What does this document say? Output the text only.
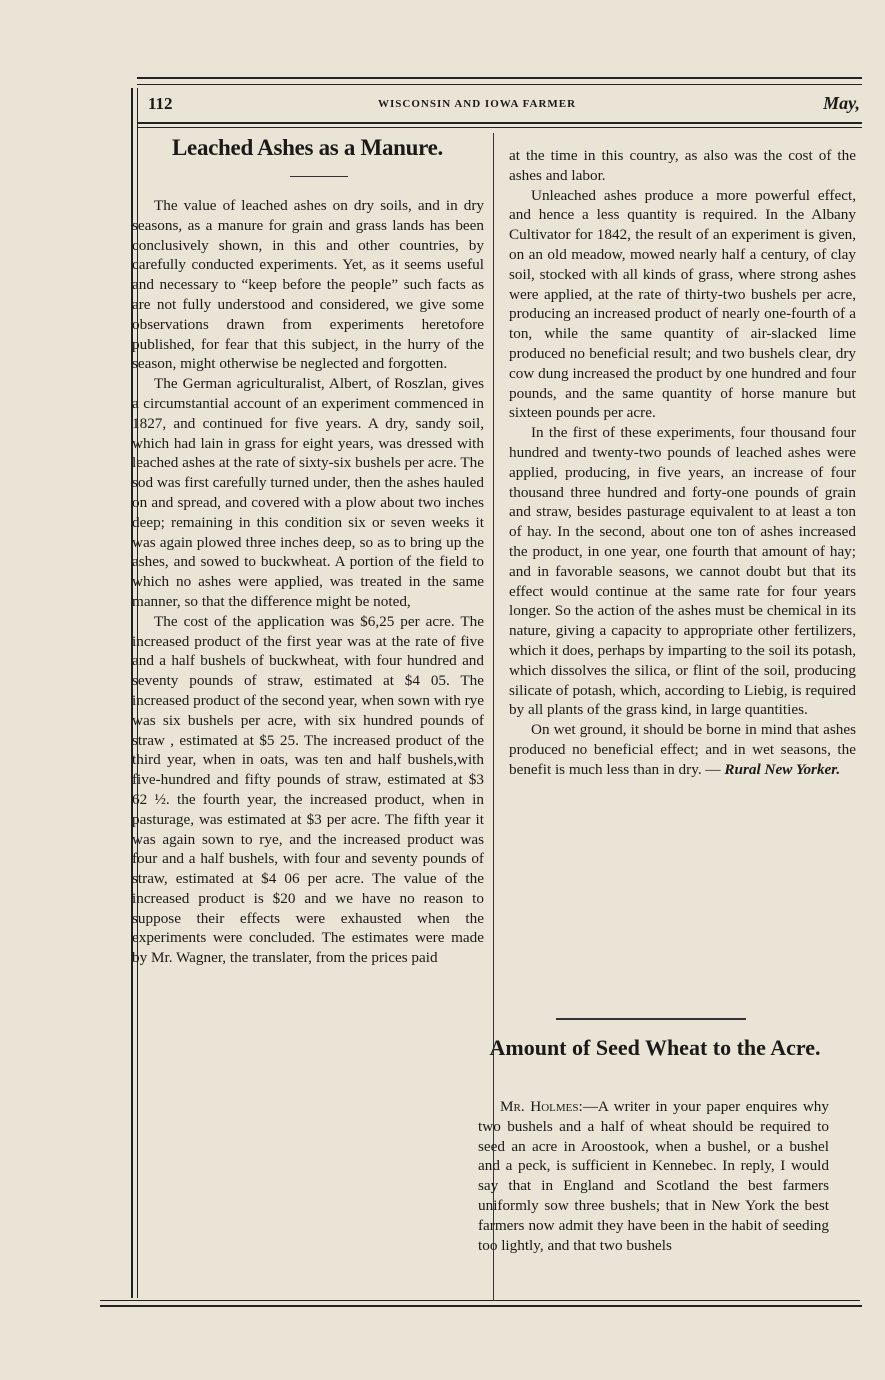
112	WISCONSIN AND IOWA FARMER	May,
Leached Ashes as a Manure.

The value of leached ashes on dry soils, and in dry seasons, as a manure for grain and grass lands has been conclusively shown, in this and other countries, by carefully conducted experiments. Yet, as it seems useful and necessary to “keep before the people” such facts as are not fully understood and considered, we give some observations drawn from experiments heretofore published, for fear that this subject, in the hurry of the season, might otherwise be neglected and forgotten.

The German agriculturalist, Albert, of Roszlan, gives a circumstantial account of an experiment commenced in 1827, and continued for five years. A dry, sandy soil, which had lain in grass for eight years, was dressed with leached ashes at the rate of sixty-six bushels per acre. The sod was first carefully turned under, then the ashes hauled on and spread, and covered with a plow about two inches deep; remaining in this condition six or seven weeks it was again plowed three inches deep, so as to bring up the ashes, and sowed to buckwheat. A portion of the field to which no ashes were applied, was treated in the same manner, so that the difference might be noted,

The cost of the application was $6,25 per acre. The increased product of the first year was at the rate of five and a half bushels of buckwheat, with four hundred and seventy pounds of straw, estimated at $4 05. The increased product of the second year, when sown with rye was six bushels per acre, with six hundred pounds of straw , estimated at $5 25. The increased product of the third year, when in oats, was ten and half bushels,with five-hundred and fifty pounds of straw, estimated at $3 62 ½. the fourth year, the increased product, when in pasturage, was estimated at $3 per acre. The fifth year it was again sown to rye, and the increased product was four and a half bushels, with four and seventy pounds of straw, estimated at $4 06 per acre. The value of the increased product is $20 and we have no reason to suppose their effects were exhausted when the experiments were concluded. The estimates were made by Mr. Wagner, the translater, from the prices paid

at the time in this country, as also was the cost of the ashes and labor.

Unleached ashes produce a more powerful effect, and hence a less quantity is required. In the Albany Cultivator for 1842, the result of an experiment is given, on an old meadow, mowed nearly half a century, of clay soil, stocked with all kinds of grass, where strong ashes were applied, at the rate of thirty-two bushels per acre, producing an increased product of nearly one-fourth of a ton, while the same quantity of air-slacked lime produced no beneficial result; and two bushels clear, dry cow dung increased the product by one hundred and four pounds, and the same quantity of horse manure but sixteen pounds per acre.

In the first of these experiments, four thousand four hundred and twenty-two pounds of leached ashes were applied, producing, in five years, an increase of four thousand three hundred and forty-one pounds of grain and straw, besides pasturage equivalent to at least a ton of hay. In the second, about one ton of ashes increased the product, in one year, one fourth that amount of hay; and in favorable seasons, we cannot doubt but that its effect would continue at the same rate for four years longer. So the action of the ashes must be chemical in its nature, giving a capacity to appropriate other fertilizers, which it does, perhaps by imparting to the soil its potash, which dissolves the silica, or flint of the soil, producing silicate of potash, which, according to Liebig, is required by all plants of the grass kind, in large quantities.

On wet ground, it should be borne in mind that ashes produced no beneficial effect; and in wet seasons, the benefit is much less than in dry. — Rural New Yorker.

Amount of Seed Wheat to the Acre.

Mr. Holmes:—A writer in your paper enquires why two bushels and a half of wheat should be required to seed an acre in Aroostook, when a bushel, or a bushel and a peck, is sufficient in Kennebec. In reply, I would say that in England and Scotland the best farmers uniformly sow three bushels; that in New York the best farmers now admit they have been in the habit of seeding too lightly, and that two bushels
